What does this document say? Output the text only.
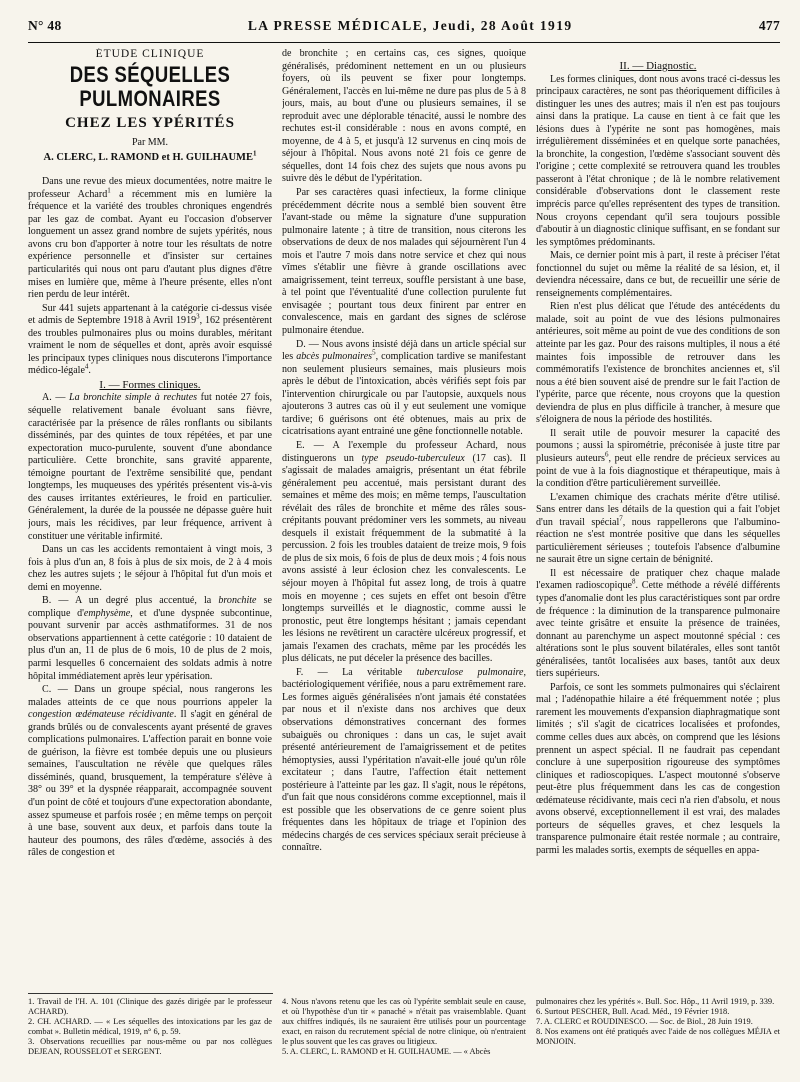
N° 48	LA PRESSE MÉDICALE, Jeudi, 28 Août 1919	477

ÉTUDE CLINIQUE

DES SÉQUELLES PULMONAIRES
CHEZ LES YPÉRITÉS
Par MM.
A. CLERC, L. RAMOND et H. GUILHAUME$^1$

Dans une revue des mieux documentées, notre maitre le professeur Achard$^1$ a récemment mis en lumière la fréquence et la variété des troubles chroniques engendrés par les gaz de combat. Ayant eu l'occasion d'observer longuement un assez grand nombre de sujets ypérités, nous avons cru bon d'apporter à notre tour les résultats de notre expérience personnelle et d'insister sur certaines particularités qui nous ont paru d'autant plus dignes d'être mises en lumière que, même à l'heure présente, elles n'ont rien perdu de leur intérêt.

Sur 441 sujets appartenant à la catégorie ci-dessus visée et admis de Septembre 1918 à Avril 1919$^3$, 162 présentèrent des troubles pulmonaires plus ou moins durables, méritant vraiment le nom de séquelles et dont, après avoir esquissé les principaux types cliniques nous discuterons l'importance médico-légale$^4$.

I. — Formes cliniques.

A. — La bronchite simple à rechutes fut notée 27 fois, séquelle relativement banale évoluant sans fièvre, caractérisée par la présence de râles ronflants ou sibilants disséminés, par des quintes de toux répétées, et par une expectoration muco-purulente, souvent d'une abondance particulière. Cette bronchite, sans gravité apparente, témoigne pourtant de l'extrême sensibilité que, pendant longtemps, les muqueuses des ypérités présentent vis-à-vis des causes irritantes extérieures, le froid en particulier. Généralement, la durée de la poussée ne dépasse guère huit jours, mais les récidives, par leur fréquence, arrivent à constituer une véritable infirmité.

Dans un cas les accidents remontaient à vingt mois, 3 fois à plus d'un an, 8 fois à plus de six mois, de 2 à 4 mois chez les autres sujets ; le séjour à l'hôpital fut d'un mois et demi en moyenne.

B. — A un degré plus accentué, la bronchite se complique d'emphysème, et d'une dyspnée subcontinue, pouvant survenir par accès asthmatiformes. 31 de nos observations appartiennent à cette catégorie : 10 dataient de plus d'un an, 11 de plus de 6 mois, 10 de plus de 2 mois, parmi lesquelles 6 concernaient des soldats admis à notre hôpital immédiatement après leur ypérisation.

C. — Dans un groupe spécial, nous rangerons les malades atteints de ce que nous pourrions appeler la congestion œdémateuse récidivante. Il s'agit en général de grands brûlés ou de convalescents ayant présenté de graves complications pulmonaires. L'affection parait en bonne voie de guérison, la fièvre est tombée depuis une ou plusieurs semaines, l'auscultation ne révèle que quelques râles disséminés, quand, brusquement, la température s'élève à 38° ou 39° et la dyspnée réapparait, accompagnée souvent d'un point de côté et toujours d'une expectoration abondante, assez spumeuse et parfois rosée ; en même temps on perçoit à une base, souvent aux deux, et parfois dans toute la hauteur des poumons, des râles d'œdème, associés à des râles de congestion et

de bronchite ; en certains cas, ces signes, quoique généralisés, prédominent nettement en un ou plusieurs foyers, où ils peuvent se fixer pour longtemps. Généralement, l'accès en lui-même ne dure pas plus de 5 à 8 jours, mais, au bout d'une ou plusieurs semaines, il se reproduit avec une déplorable ténacité, aussi le nombre des rechutes est-il considérable : nous en avons compté, en moyenne, de 4 à 5, et jusqu'à 12 survenus en cinq mois de séjour à l'hôpital. Nous avons noté 21 fois ce genre de séquelles, dont 14 fois chez des sujets que nous avons pu suivre dès le début de l'ypéritation.

Par ses caractères quasi infectieux, la forme clinique précédemment décrite nous a semblé bien souvent être l'avant-stade ou même la signature d'une suppuration pulmonaire latente ; à titre de transition, nous citerons les observations de deux de nos malades qui séjournèrent l'un 4 mois et l'autre 7 mois dans notre service et chez qui nous vîmes s'établir une fièvre à grande oscillations avec amaigrissement, teint terreux, souffle persistant à une base, à tel point que l'éventualité d'une collection purulente fut envisagée ; pourtant tous deux finirent par entrer en convalescence, mais en gardant des signes de sclérose pulmonaire étendue.

D. — Nous avons insisté déjà dans un article spécial sur les abcès pulmonaires$^5$, complication tardive se manifestant non seulement plusieurs semaines, mais plusieurs mois après le début de l'intoxication, abcès vérifiés sept fois par l'intervention chirurgicale ou par l'autopsie, auxquels nous ajouterons 3 autres cas où il y eut seulement une vomique tardive; 6 guérisons ont été obtenues, mais au prix de cicatrisations ayant entrainé une gêne fonctionnelle notable.

E. — A l'exemple du professeur Achard, nous distinguerons un type pseudo-tuberculeux (17 cas). Il s'agissait de malades amaigris, présentant un état fébrile généralement peu accentué, mais persistant durant des semaines et même des mois; en même temps, l'auscultation révélait des râles de bronchite et même des râles sous-crépitants pouvant prédominer vers les sommets, au niveau desquels il existait fréquemment de la submatité à la percussion. 2 fois les troubles dataient de treize mois, 9 fois de plus de six mois, 6 fois de plus de deux mois ; 4 fois nous avons assisté à leur éclosion chez les convalescents. Le séjour moyen à l'hôpital fut assez long, de trois à quatre mois en moyenne ; ces sujets en effet ont besoin d'être longtemps surveillés et le diagnostic, comme aussi le pronostic, peut être longtemps hésitant ; jamais cependant les lésions ne revêtirent un caractère ulcéreux progressif, et jamais l'examen des crachats, même par les procédés les plus délicats, ne put déceler la présence des bacilles.

F. — La véritable tuberculose pulmonaire, bactériologiquement vérifiée, nous a paru extrêmement rare. Les formes aiguës généralisées n'ont jamais été constatées par nous et il n'existe dans nos archives que deux observations démonstratives concernant des formes subaiguës ou chroniques : dans un cas, le sujet avait présenté antérieurement de l'amaigrissement et de petites hémoptysies, aussi l'ypéritation n'avait-elle joué qu'un rôle excitateur ; dans l'autre, l'affection était nettement postérieure à l'atteinte par les gaz. Il s'agit, nous le répétons, d'un fait que nous considérons comme exceptionnel, mais il est possible que les observations de ce genre soient plus fréquentes dans les hôpitaux de triage et l'opinion des médecins chargés de ces services spéciaux serait précieuse à connaître.

II. — Diagnostic.

Les formes cliniques, dont nous avons tracé ci-dessus les principaux caractères, ne sont pas théoriquement difficiles à distinguer les unes des autres; mais il n'en est pas toujours ainsi dans la pratique. La cause en tient à ce fait que les lésions dues à l'ypérite ne sont pas homogènes, mais irrégulièrement disséminées et en quelque sorte panachées, la bronchite, la congestion, l'œdème s'associant souvent dès l'origine ; cette complexité se retrouvera quand les troubles passeront à l'état chronique ; de là le nombre relativement considérable d'observations dont le classement reste imprécis parce qu'elles représentent des types de transition. Nous croyons cependant qu'il sera toujours possible d'aboutir à un diagnostic clinique suffisant, en se fondant sur les symptômes prédominants.

Mais, ce dernier point mis à part, il reste à préciser l'état fonctionnel du sujet ou même la réalité de sa lésion, et, il deviendra nécessaire, dans ce but, de recueillir une série de renseignements complémentaires.

Rien n'est plus délicat que l'étude des antécédents du malade, soit au point de vue des lésions pulmonaires antérieures, soit même au point de vue des conditions de son atteinte par les gaz. Pour des raisons multiples, il nous a été maintes fois impossible de retrouver dans les commémoratifs l'existence de bronchites anciennes et, s'il nous a été bien souvent aisé de prendre sur le fait l'action de l'ypérite, parce que récente, nous croyons que la question deviendra de plus en plus difficile à trancher, à mesure que s'éloignera de nous la période des hostilités.

Il serait utile de pouvoir mesurer la capacité des poumons ; aussi la spirométrie, préconisée à juste titre par plusieurs auteurs$^6$, peut elle rendre de précieux services au point de vue à la fois diagnostique et thérapeutique, mais à la condition d'être particulièrement surveillée.

L'examen chimique des crachats mérite d'être utilisé. Sans entrer dans les détails de la question qui a fait l'objet d'un travail spécial$^7$, nous rappellerons que l'albumino-réaction ne s'est montrée positive que dans les séquelles particulièrement sérieuses ; toutefois l'absence d'albumine ne saurait être un signe certain de bénignité.

Il est nécessaire de pratiquer chez chaque malade l'examen radioscopique$^8$. Cette méthode a révélé différents types d'anomalie dont les plus caractéristiques sont par ordre de fréquence : la diminution de la transparence pulmonaire avec teinte grisâtre et ensuite la présence de trainées, donnant au parenchyme un aspect moutonné spécial : ces altérations sont le plus souvent bilatérales, elles sont tantôt généralisées, tantôt localisées aux bases, tantôt aux deux tiers supérieurs.

Parfois, ce sont les sommets pulmonaires qui s'éclairent mal ; l'adénopathie hilaire a été fréquemment notée ; plus rarement les mouvements d'expansion diaphragmatique sont limités ; s'il s'agit de cicatrices localisées et profondes, comme celles dues aux abcès, on comprend que les lésions prennent un aspect spécial. Il ne faudrait pas cependant conclure à une superposition rigoureuse des symptômes cliniques et radioscopiques. L'aspect moutonné s'observe peut-être plus fréquemment dans les cas de congestion œdémateuse récidivante, mais ceci n'a rien d'absolu, et nous avons observé, exceptionnellement il est vrai, des malades porteurs de séquelles graves, et chez lesquels la transparence pulmonaire était restée normale ; au contraire, parmi les malades sortis, exempts de séquelles en appa-

1. Travail de l'H. A. 101 (Clinique des gazés dirigée par le professeur ACHARD).

2. CH. ACHARD. — « Les séquelles des intoxications par les gaz de combat ». Bulletin médical, 1919, n° 6, p. 59.

3. Observations recueillies par nous-même ou par nos collègues DEJEAN, ROUSSELOT et SERGENT.

4. Nous n'avons retenu que les cas où l'ypérite semblait seule en cause, et où l'hypothèse d'un tir « panaché » n'était pas vraisemblable. Quant aux chiffres indiqués, ils ne sauraient être utilisés pour un pourcentage exact, en raison du recrutement spécial de notre clinique, où n'entraient le plus souvent que les cas graves ou litigieux.

5. A. CLERC, L. RAMOND et H. GUILHAUME. — « Abcès

pulmonaires chez les ypérités ». Bull. Soc. Hôp., 11 Avril 1919, p. 339.

6. Surtout PESCHER, Bull. Acad. Méd., 19 Février 1918.

7. A. CLERC et ROUDINESCO. — Soc. de Biol., 28 Juin 1919.

8. Nos examens ont été pratiqués avec l'aide de nos collègues MÉJIA et MONJOIN.
